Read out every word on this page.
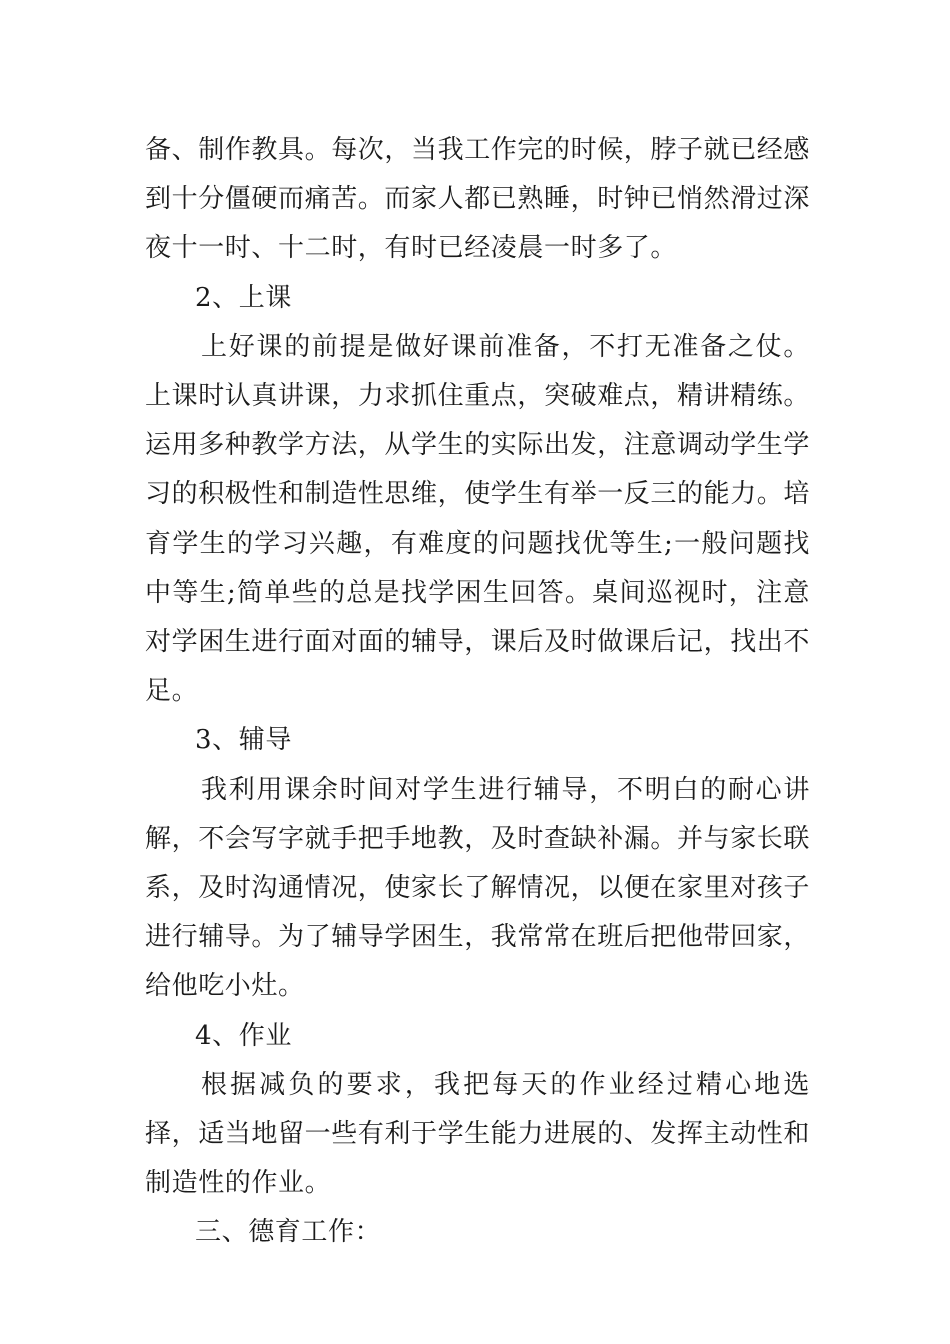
备、制作教具。每次，当我工作完的时候，脖子就已经感到十分僵硬而痛苦。而家人都已熟睡，时钟已悄然滑过深夜十一时、十二时，有时已经凌晨一时多了。

2、上课

上好课的前提是做好课前准备，不打无准备之仗。上课时认真讲课，力求抓住重点，突破难点，精讲精练。运用多种教学方法，从学生的实际出发，注意调动学生学习的积极性和制造性思维，使学生有举一反三的能力。培育学生的学习兴趣，有难度的问题找优等生;一般问题找中等生;简单些的总是找学困生回答。桌间巡视时，注意对学困生进行面对面的辅导，课后及时做课后记，找出不足。

3、辅导

我利用课余时间对学生进行辅导，不明白的耐心讲解，不会写字就手把手地教，及时查缺补漏。并与家长联系，及时沟通情况，使家长了解情况，以便在家里对孩子进行辅导。为了辅导学困生，我常常在班后把他带回家，给他吃小灶。

4、作业

根据减负的要求，我把每天的作业经过精心地选择，适当地留一些有利于学生能力进展的、发挥主动性和制造性的作业。

三、德育工作：
